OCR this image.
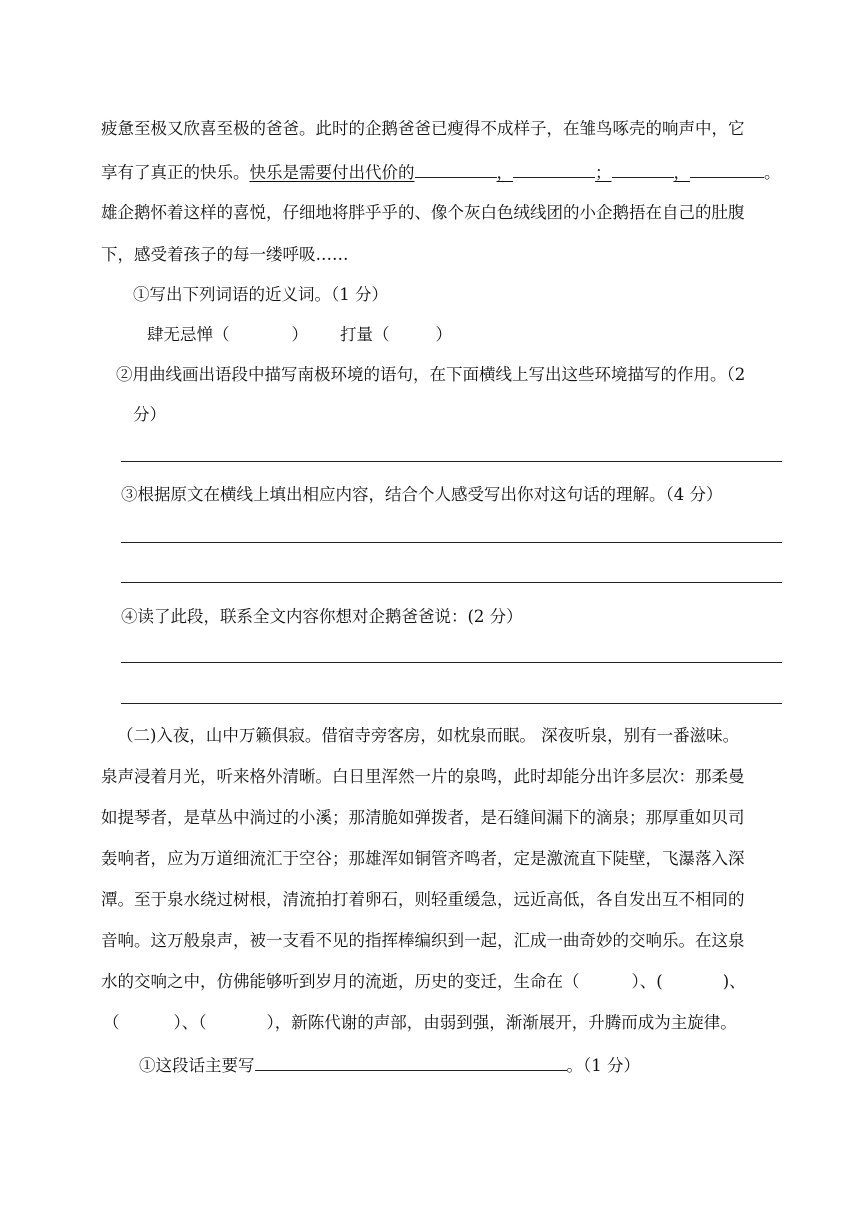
疲惫至极又欣喜至极的爸爸。此时的企鹅爸爸已瘦得不成样子，在雏鸟啄壳的响声中，它
享有了真正的快乐。快乐是需要付出代价的	，	；	，	。
雄企鹅怀着这样的喜悦，仔细地将胖乎乎的、像个灰白色绒线团的小企鹅捂在自己的肚腹
下，感受着孩子的每一缕呼吸……
①写出下列词语的近义词。（1 分）
肆无忌惮（	） 打量（	）
②用曲线画出语段中描写南极环境的语句，在下面横线上写出这些环境描写的作用。（2
分）
③根据原文在横线上填出相应内容，结合个人感受写出你对这句话的理解。（4 分）
④读了此段，联系全文内容你想对企鹅爸爸说：(2 分）
（二)入夜，山中万籁俱寂。借宿寺旁客房，如枕泉而眠。 深夜听泉，别有一番滋味。
泉声浸着月光，听来格外清晰。白日里浑然一片的泉鸣，此时却能分出许多层次：那柔曼
如提琴者，是草丛中淌过的小溪；那清脆如弹拨者，是石缝间漏下的滴泉；那厚重如贝司
轰响者，应为万道细流汇于空谷；那雄浑如铜管齐鸣者，定是激流直下陡壁，飞瀑落入深
潭。至于泉水绕过树根，清流拍打着卵石，则轻重缓急，远近高低，各自发出互不相同的
音响。这万般泉声，被一支看不见的指挥棒编织到一起，汇成一曲奇妙的交响乐。在这泉
水的交响之中，仿佛能够听到岁月的流逝，历史的变迁，生命在（	）、(	)、
（	）、（	），新陈代谢的声部，由弱到强，渐渐展开，升腾而成为主旋律。
①这段话主要写	。（1 分）
